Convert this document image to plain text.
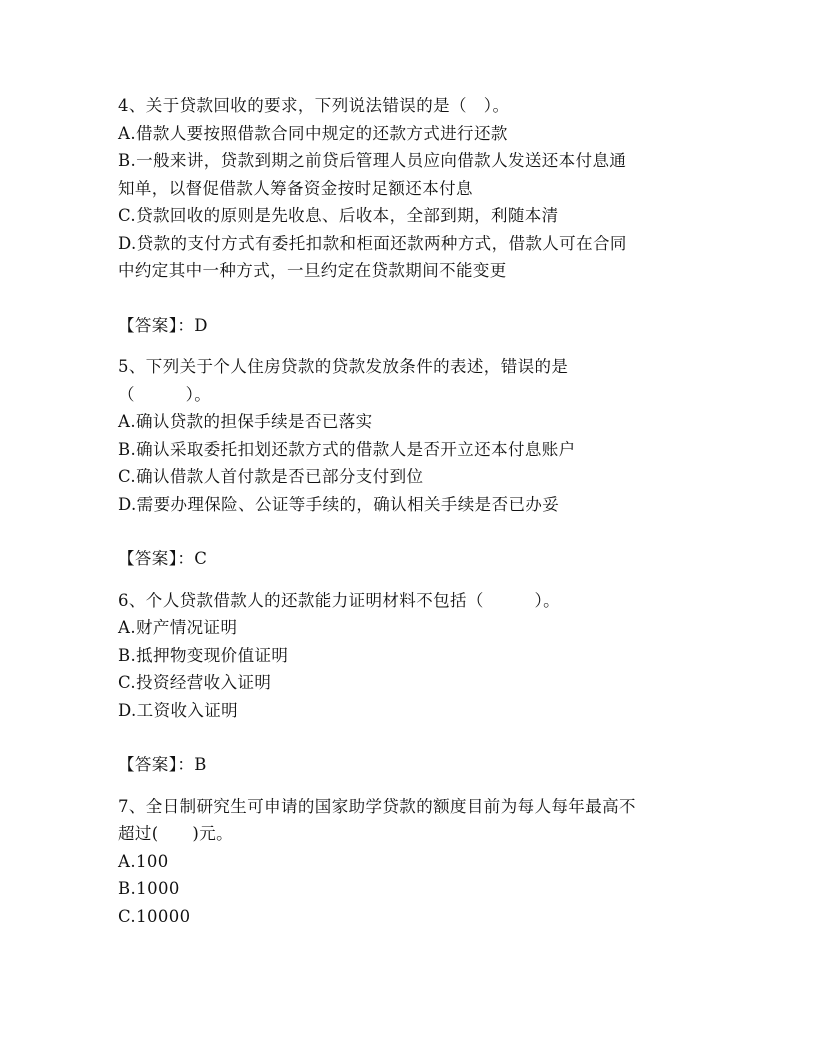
4、关于贷款回收的要求，下列说法错误的是（　）。
A.借款人要按照借款合同中规定的还款方式进行还款
B.一般来讲，贷款到期之前贷后管理人员应向借款人发送还本付息通
知单，以督促借款人筹备资金按时足额还本付息
C.贷款回收的原则是先收息、后收本，全部到期，利随本清
D.贷款的支付方式有委托扣款和柜面还款两种方式，借款人可在合同
中约定其中一种方式，一旦约定在贷款期间不能变更
【答案】：D
5、下列关于个人住房贷款的贷款发放条件的表述，错误的是
（　　　）。
A.确认贷款的担保手续是否已落实
B.确认采取委托扣划还款方式的借款人是否开立还本付息账户
C.确认借款人首付款是否已部分支付到位
D.需要办理保险、公证等手续的，确认相关手续是否已办妥
【答案】：C
6、个人贷款借款人的还款能力证明材料不包括（　　　）。
A.财产情况证明
B.抵押物变现价值证明
C.投资经营收入证明
D.工资收入证明
【答案】：B
7、全日制研究生可申请的国家助学贷款的额度目前为每人每年最高不
超过(　　)元。
A.100
B.1000
C.10000
